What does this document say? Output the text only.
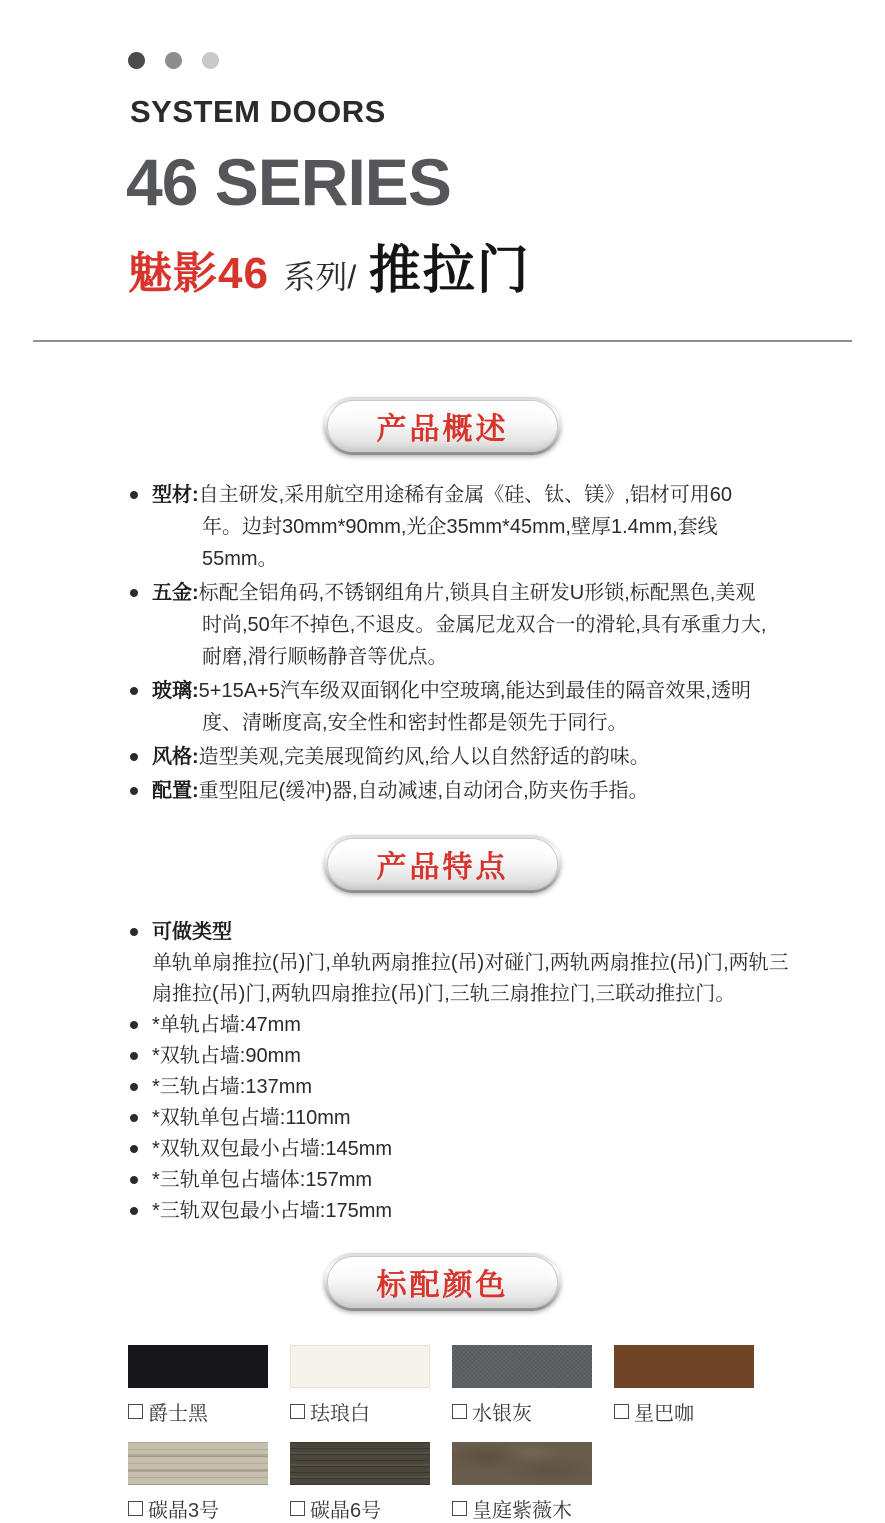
SYSTEM DOORS
46 SERIES
魅影46 系列/ 推拉门
产品概述

型材:自主研发,采用航空用途稀有金属《硅、钛、镁》,铝材可用60年。边封30mm*90mm,光企35mm*45mm,壁厚1.4mm,套线55mm。

五金:标配全铝角码,不锈钢组角片,锁具自主研发U形锁,标配黑色,美观时尚,50年不掉色,不退皮。金属尼龙双合一的滑轮,具有承重力大,耐磨,滑行顺畅静音等优点。

玻璃:5+15A+5汽车级双面钢化中空玻璃,能达到最佳的隔音效果,透明度、清晰度高,安全性和密封性都是领先于同行。

风格:造型美观,完美展现简约风,给人以自然舒适的韵味。

配置:重型阻尼(缓冲)器,自动减速,自动闭合,防夹伤手指。

产品特点
可做类型

单轨单扇推拉(吊)门,单轨两扇推拉(吊)对碰门,两轨两扇推拉(吊)门,两轨三扇推拉(吊)门,两轨四扇推拉(吊)门,三轨三扇推拉门,三联动推拉门。

*单轨占墙:47mm
*双轨占墙:90mm
*三轨占墙:137mm
*双轨单包占墙:110mm
*双轨双包最小占墙:145mm
*三轨单包占墙体:157mm
*三轨双包最小占墙:175mm
标配颜色
爵士黑	珐琅白	水银灰	星巴咖
碳晶3号	碳晶6号	皇庭紫薇木
